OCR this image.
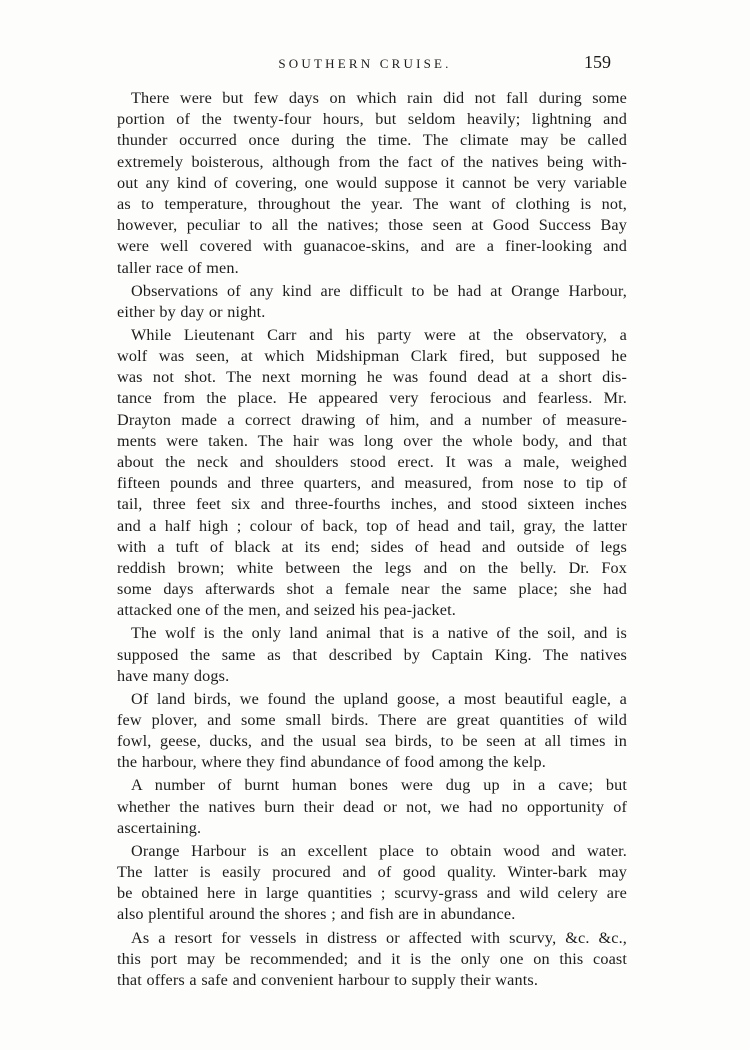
SOUTHERN CRUISE.	159
There were but few days on which rain did not fall during some
portion of the twenty-four hours, but seldom heavily; lightning and
thunder occurred once during the time. The climate may be called
extremely boisterous, although from the fact of the natives being with-
out any kind of covering, one would suppose it cannot be very variable
as to temperature, throughout the year. The want of clothing is not,
however, peculiar to all the natives; those seen at Good Success Bay
were well covered with guanacoe-skins, and are a finer-looking and
taller race of men.
Observations of any kind are difficult to be had at Orange Harbour,
either by day or night.
While Lieutenant Carr and his party were at the observatory, a
wolf was seen, at which Midshipman Clark fired, but supposed he
was not shot. The next morning he was found dead at a short dis-
tance from the place. He appeared very ferocious and fearless. Mr.
Drayton made a correct drawing of him, and a number of measure-
ments were taken. The hair was long over the whole body, and that
about the neck and shoulders stood erect. It was a male, weighed
fifteen pounds and three quarters, and measured, from nose to tip of
tail, three feet six and three-fourths inches, and stood sixteen inches
and a half high ; colour of back, top of head and tail, gray, the latter
with a tuft of black at its end; sides of head and outside of legs
reddish brown; white between the legs and on the belly. Dr. Fox
some days afterwards shot a female near the same place; she had
attacked one of the men, and seized his pea-jacket.
The wolf is the only land animal that is a native of the soil, and is
supposed the same as that described by Captain King. The natives
have many dogs.
Of land birds, we found the upland goose, a most beautiful eagle, a
few plover, and some small birds. There are great quantities of wild
fowl, geese, ducks, and the usual sea birds, to be seen at all times in
the harbour, where they find abundance of food among the kelp.
A number of burnt human bones were dug up in a cave; but
whether the natives burn their dead or not, we had no opportunity of
ascertaining.
Orange Harbour is an excellent place to obtain wood and water.
The latter is easily procured and of good quality. Winter-bark may
be obtained here in large quantities ; scurvy-grass and wild celery are
also plentiful around the shores ; and fish are in abundance.
As a resort for vessels in distress or affected with scurvy, &c. &c.,
this port may be recommended; and it is the only one on this coast
that offers a safe and convenient harbour to supply their wants.
